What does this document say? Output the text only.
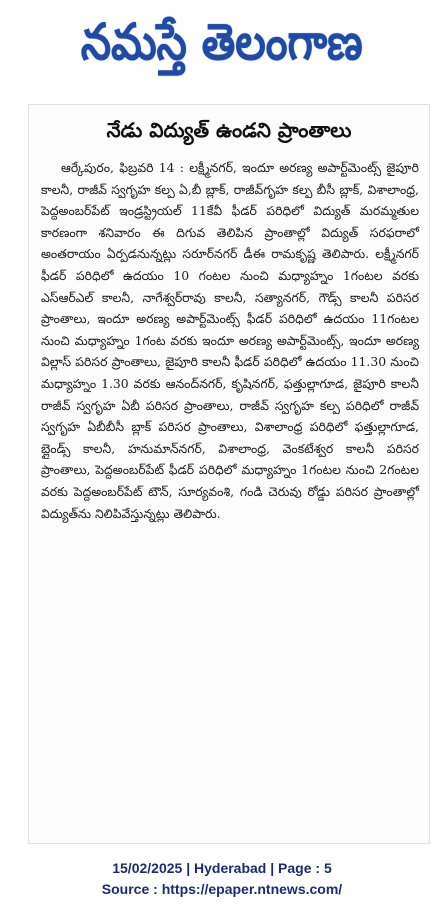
నమస్తే తెలంగాణ
నేడు విద్యుత్ ఉండని ప్రాంతాలు

ఆర్కేపురం, ఫిబ్రవరి 14 : లక్ష్మీనగర్, ఇందూ అరణ్య అపార్ట్‌మెంట్స్ జైపూరి కాలనీ, రాజీవ్ స్వగృహ కల్ప ఏ,బీ బ్లాక్, రాజీవ్‌గృహ కల్ప బీసీ బ్లాక్, విశాలాంధ్ర, పెద్దఅంబర్‌పేట్ ఇండ్రస్ట్రియల్ 11కేవీ ఫీడర్ పరిధిలో విద్యుత్ మరమ్మతుల కారణంగా శనివారం ఈ దిగువ తెలిపిన ప్రాంతాల్లో విద్యుత్ సరఫరాలో అంతరాయం ఏర్పడనున్నట్లు సరూర్‌నగర్ డీఈ రామకృష్ణ తెలిపారు. లక్ష్మీనగర్ ఫీడర్ పరిధిలో ఉదయం 10 గంటల నుంచి మధ్యాహ్నం 1గంటల వరకు ఎస్‌ఆర్‌ఎల్ కాలనీ, నాగేశ్వర్‌రావు కాలనీ, సత్యానగర్, గౌడ్స్ కాలనీ పరిసర ప్రాంతాలు, ఇందూ అరణ్య అపార్ట్‌మెంట్స్ ఫీడర్ పరిధిలో ఉదయం 11గంటల నుంచి మధ్యాహ్నం 1గంట వరకు ఇందూ అరణ్య అపార్ట్‌మెంట్స్, ఇందూ అరణ్య విల్లాస్ పరిసర ప్రాంతాలు, జైపూరి కాలనీ ఫీడర్ పరిధిలో ఉదయం 11.30 నుంచి మధ్యాహ్నం 1.30 వరకు ఆనంద్‌నగర్, కృషినగర్, ఫత్తుల్లాగూడ, జైపూరి కాలనీ రాజీవ్ స్వగృహ ఏబీ పరిసర ప్రాంతాలు, రాజీవ్ స్వగృహ కల్ప పరిధిలో రాజీవ్ స్వగృహ ఏబీబీసీ బ్లాక్ పరిసర ప్రాంతాలు, విశాలాంధ్ర పరిధిలో ఫత్తుల్లాగూడ, బ్లైండ్స్ కాలనీ, హనుమాన్‌నగర్, విశాలాంధ్ర, వెంకటేశ్వర కాలనీ పరిసర ప్రాంతాలు, పెద్దఅంబర్‌పేట్ ఫీడర్ పరిధిలో మధ్యాహ్నం 1గంటల నుంచి 2గంటల వరకు పెద్దఅంబర్‌పేట్ టౌన్, సూర్యవంశి, గండి చెరువు రోడ్డు పరిసర ప్రాంతాల్లో విద్యుత్‌ను నిలిపివేస్తున్నట్లు తెలిపారు.

15/02/2025 | Hyderabad | Page : 5
Source : https://epaper.ntnews.com/
